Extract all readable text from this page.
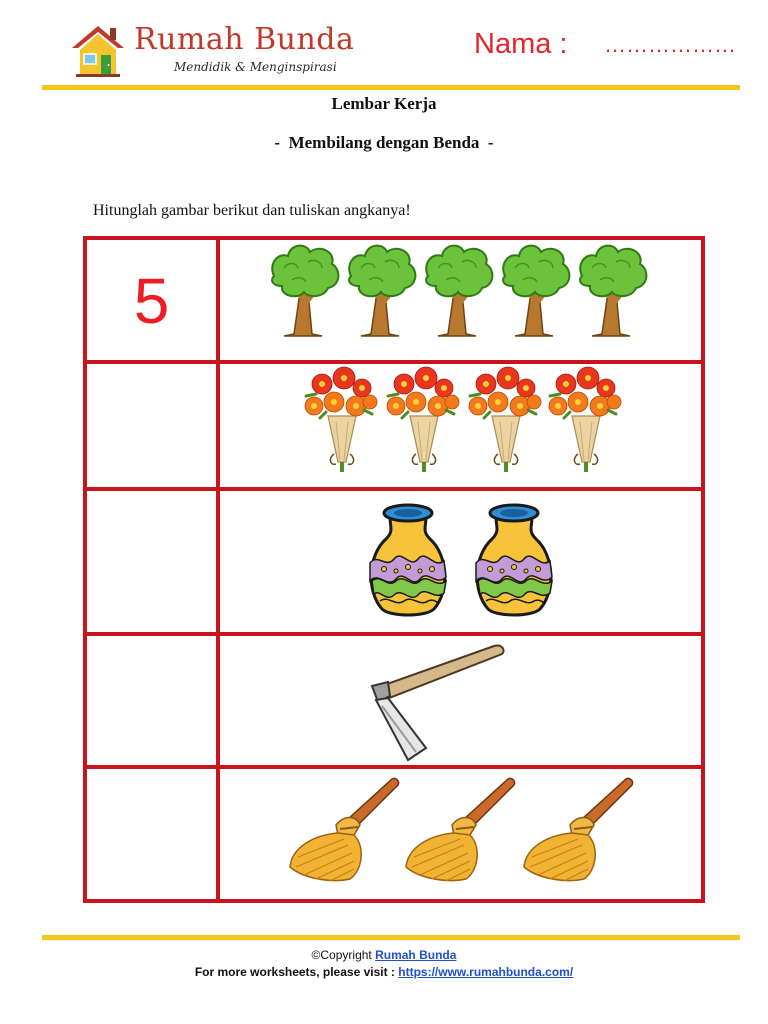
Rumah Bunda
Mendidik & Menginspirasi
Nama : ………………
Lembar Kerja
-  Membilang dengan Benda  -
Hitunglah gambar berikut dan tuliskan angkanya!
5
©Copyright Rumah Bunda
For more worksheets, please visit : https://www.rumahbunda.com/
